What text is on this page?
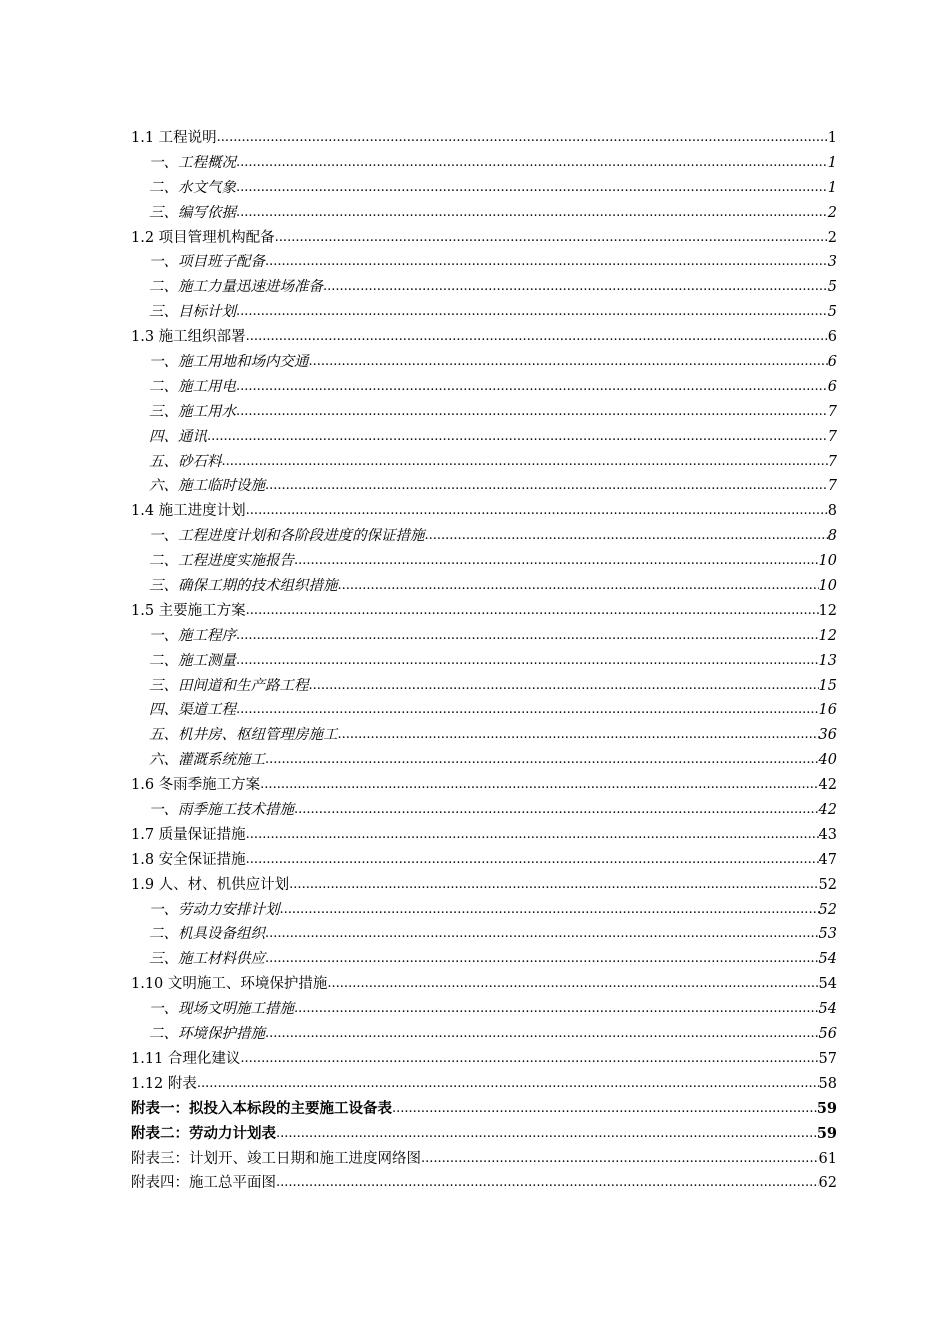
1.1 工程说明 .....	1
一、工程概况 .....	1
二、水文气象 .....	1
三、编写依据 .....	2
1.2 项目管理机构配备 .....	2
一、项目班子配备 .....	3
二、施工力量迅速进场准备 .....	5
三、目标计划 .....	5
1.3 施工组织部署 .....	6
一、施工用地和场内交通 .....	6
二、施工用电 .....	6
三、施工用水 .....	7
四、通讯 .....	7
五、砂石料 .....	7
六、施工临时设施 .....	7
1.4 施工进度计划 .....	8
一、工程进度计划和各阶段进度的保证措施 .....	8
二、工程进度实施报告 .....	10
三、确保工期的技术组织措施 .....	10
1.5 主要施工方案 .....	12
一、施工程序 .....	12
二、施工测量 .....	13
三、田间道和生产路工程 .....	15
四、渠道工程 .....	16
五、机井房、枢纽管理房施工 .....	36
六、灌溉系统施工 .....	40
1.6 冬雨季施工方案 .....	42
一、雨季施工技术措施 .....	42
1.7 质量保证措施 .....	43
1.8 安全保证措施 .....	47
1.9 人、材、机供应计划 .....	52
一、劳动力安排计划 .....	52
二、机具设备组织 .....	53
三、施工材料供应 .....	54
1.10 文明施工、环境保护措施 .....	54
一、现场文明施工措施 .....	54
二、环境保护措施 .....	56
1.11 合理化建议 .....	57
1.12 附表 .....	58
附表一：拟投入本标段的主要施工设备表 .....	59
附表二：劳动力计划表 .....	59
附表三：计划开、竣工日期和施工进度网络图 .....	61
附表四：施工总平面图 .....	62
